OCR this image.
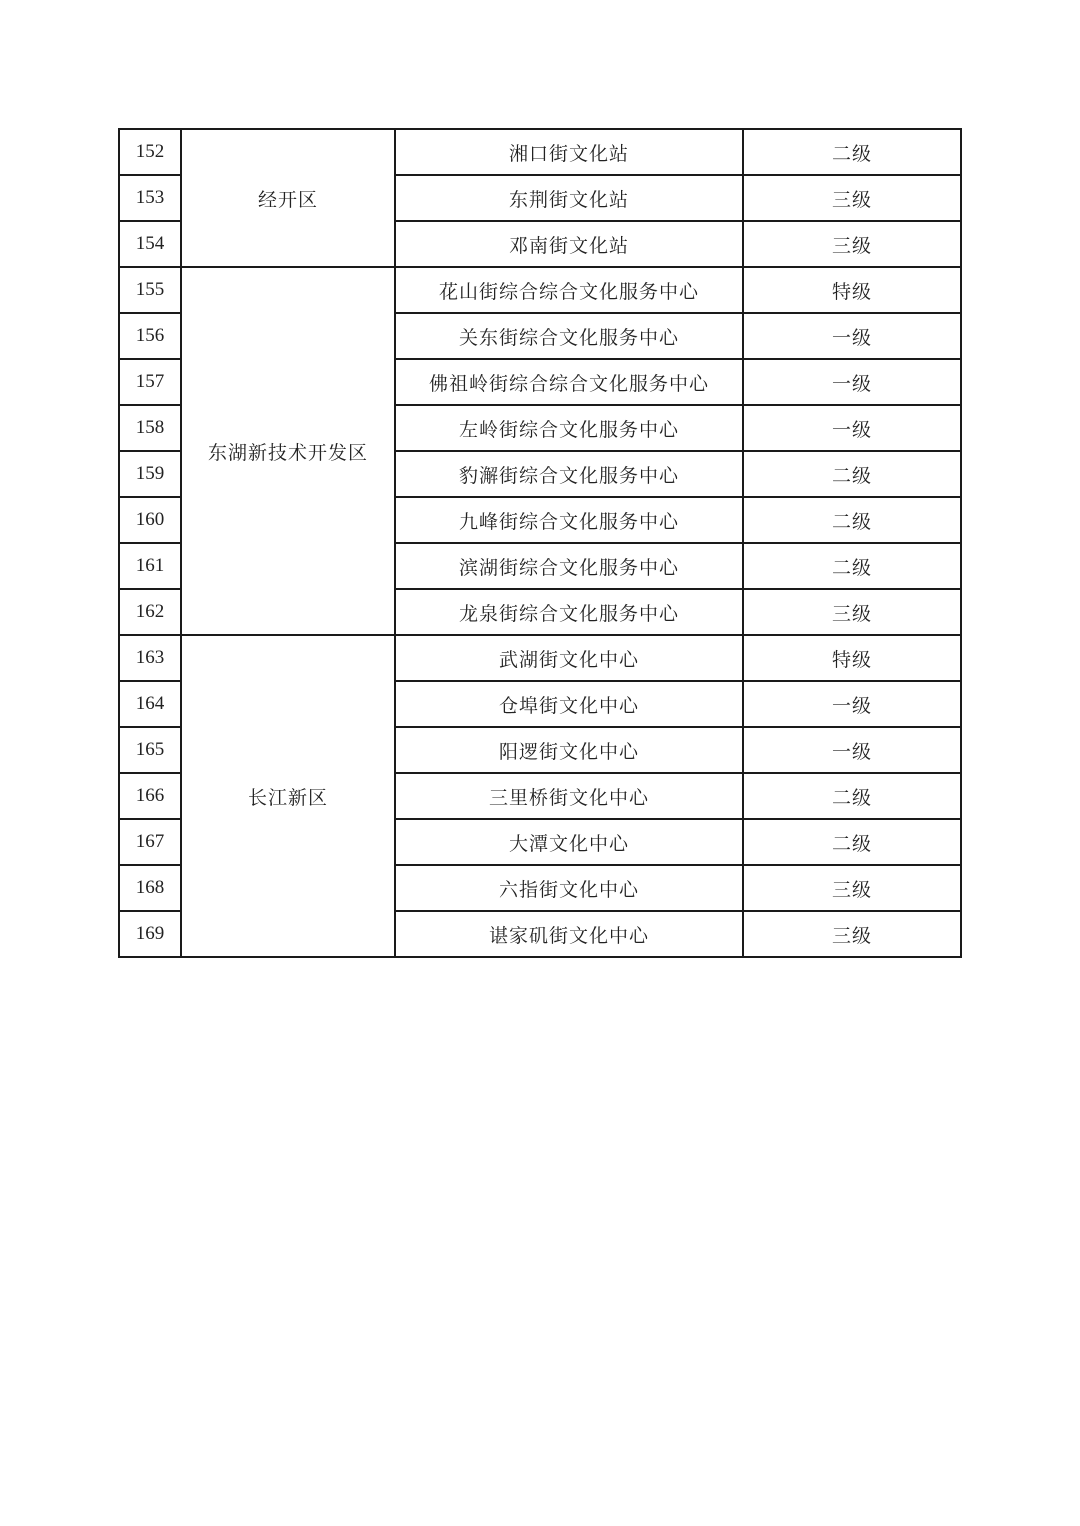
152	经开区	湘口街文化站	二级
153		东荆街文化站	三级
154		邓南街文化站	三级
155	东湖新技术开发区	花山街综合综合文化服务中心	特级
156		关东街综合文化服务中心	一级
157		佛祖岭街综合综合文化服务中心	一级
158		左岭街综合文化服务中心	一级
159		豹澥街综合文化服务中心	二级
160		九峰街综合文化服务中心	二级
161		滨湖街综合文化服务中心	二级
162		龙泉街综合文化服务中心	三级
163	长江新区	武湖街文化中心	特级
164		仓埠街文化中心	一级
165		阳逻街文化中心	一级
166		三里桥街文化中心	二级
167		大潭文化中心	二级
168		六指街文化中心	三级
169		谌家矶街文化中心	三级
